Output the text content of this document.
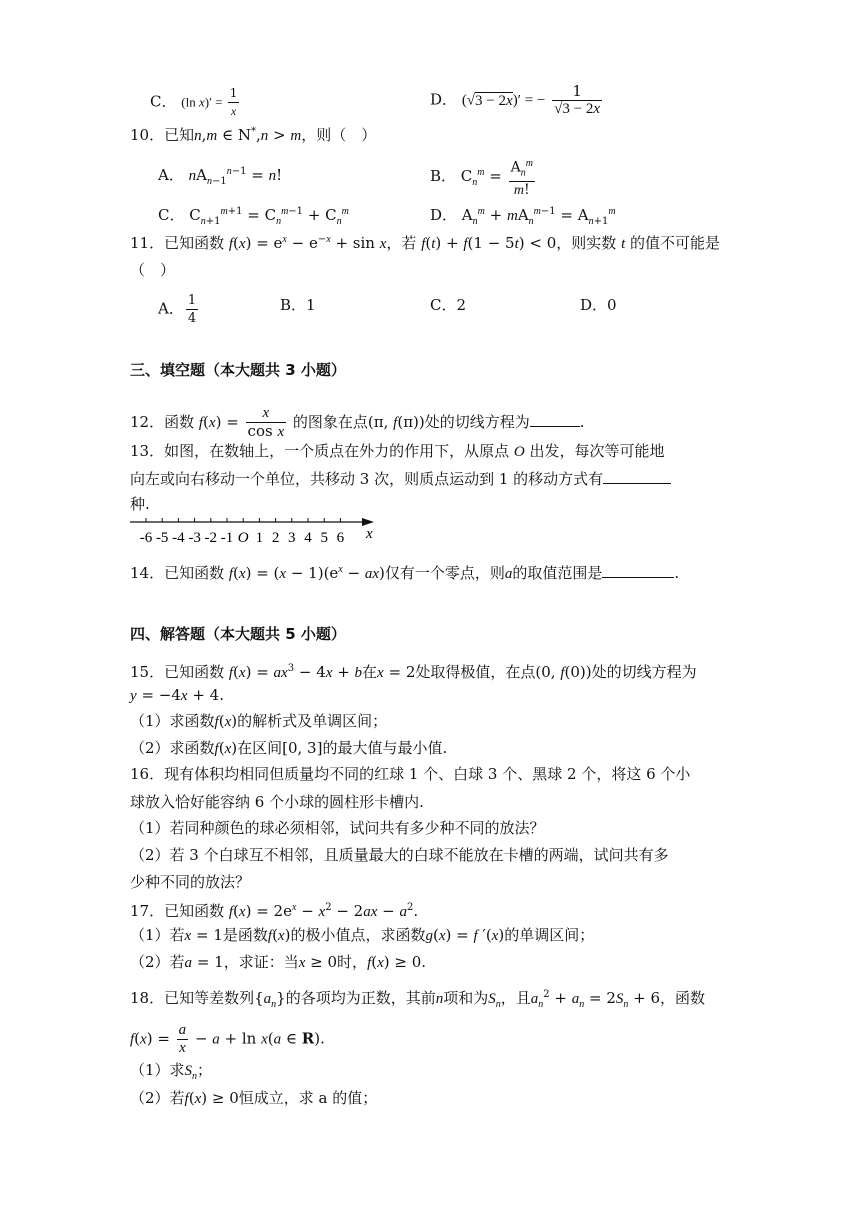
C． (ln $x)' = \frac{1}{x}$	D． (√3 − 2x)′ = − $\frac{1}{√3 - 2x}$
10．已知n,m ∈ N*,n > m，则（　）
A． $nA_{n-1}^{n-1} = n$!	B． $C_n^m = \frac{A_n^m}{m!}$
C． $C_{n+1}^{m+1} = C_n^{m-1} + C_n^m$	D． $A_n^m + mA_n^{m-1} = A_{n+1}^m$
11．已知函数 $f(x) = e^x - e^{-x} + \sin x$，若 f(t) + f(1 − 5t) < 0，则实数 t 的值不可能是
（　）
A． $\frac{1}{4}$	B．1	C．2	D．0
三、填空题（本大题共 3 小题）
12．函数 $f(x) = \frac{x}{\text{cos x}}$ 的图象在点(π, f(π))处的切线方程为	.
13．如图，在数轴上，一个质点在外力的作用下，从原点 O 出发，每次等可能地
向左或向右移动一个单位，共移动 3 次，则质点运动到 1 的移动方式有
种.
-6 -5 -4 -3 -2 -1 O 1 2 3 4 5 6 x
14．已知函数 $f(x) = (x - 1)(e^x - ax)$仅有一个零点，则a的取值范围是	.
四、解答题（本大题共 5 小题）
15．已知函数 $f(x) = ax^3 - 4x + b$在x = 2处取得极值，在点(0, f(0))处的切线方程为
y = −4x + 4.
（1）求函数f(x)的解析式及单调区间；
（2）求函数f(x)在区间[0, 3]的最大值与最小值.
16．现有体积均相同但质量均不同的红球 1 个、白球 3 个、黑球 2 个，将这 6 个小
球放入恰好能容纳 6 个小球的圆柱形卡槽内.
（1）若同种颜色的球必须相邻，试问共有多少种不同的放法？
（2）若 3 个白球互不相邻，且质量最大的白球不能放在卡槽的两端，试问共有多
少种不同的放法？
17．已知函数 $f(x) = 2e^x - x^2 - 2ax - a^2$.
（1）若x = 1是函数f(x)的极小值点，求函数g(x) = f ′(x)的单调区间；
（2）若a = 1，求证：当x ≥ 0时，f(x) ≥ 0.
18．已知等差数列$\{a_n\}$的各项均为正数，其前n项和为$S_n$，且$a_n^2 + a_n = 2S_n + 6$，函数
$f(x) = \frac{a}{x} - a + \ln x(a$ ∈ R).
（1）求$S_n$；
（2）若f(x) ≥ 0恒成立，求 a 的值；
